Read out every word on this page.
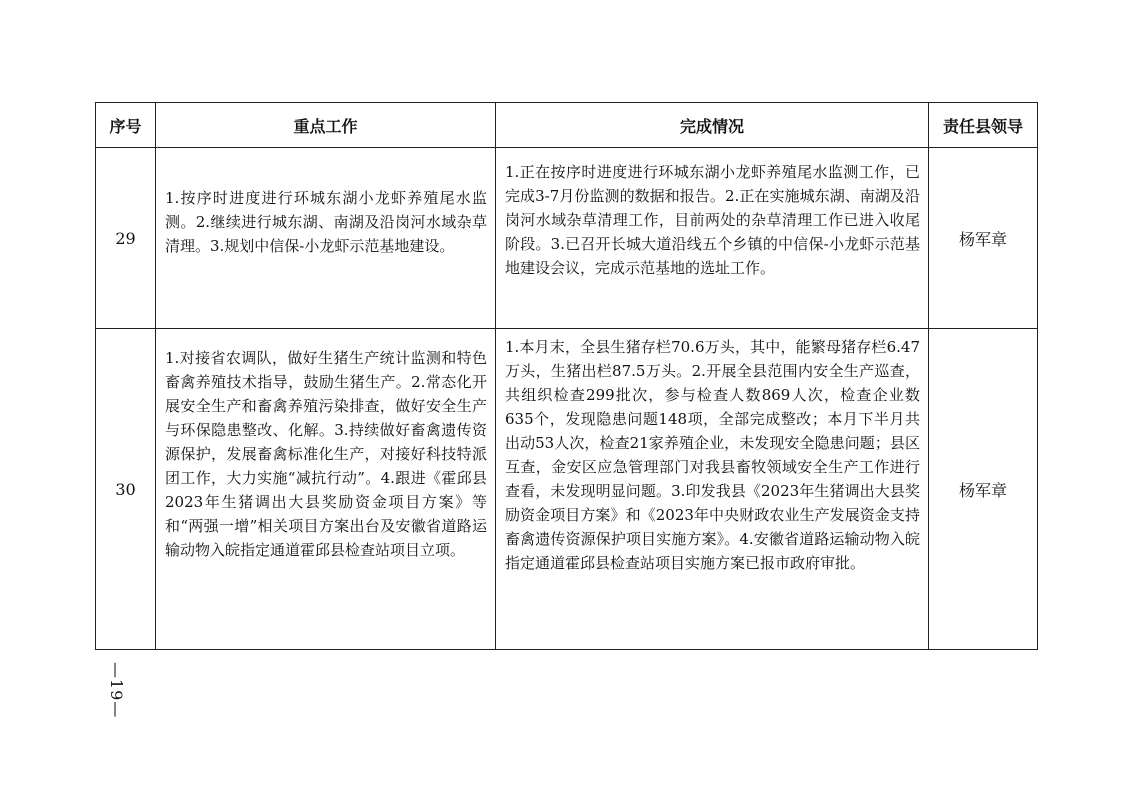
序号	重点工作	完成情况	责任县领导
29	1.按序时进度进行环城东湖小龙虾养殖尾水监测。2.继续进行城东湖、南湖及沿岗河水域杂草清理。3.规划中信保-小龙虾示范基地建设。	1.正在按序时进度进行环城东湖小龙虾养殖尾水监测工作，已完成3-7月份监测的数据和报告。2.正在实施城东湖、南湖及沿岗河水域杂草清理工作，目前两处的杂草清理工作已进入收尾阶段。3.已召开长城大道沿线五个乡镇的中信保-小龙虾示范基地建设会议，完成示范基地的选址工作。	杨军章
30	1.对接省农调队，做好生猪生产统计监测和特色畜禽养殖技术指导，鼓励生猪生产。2.常态化开展安全生产和畜禽养殖污染排查，做好安全生产与环保隐患整改、化解。3.持续做好畜禽遗传资源保护，发展畜禽标准化生产，对接好科技特派团工作，大力实施“减抗行动”。4.跟进《霍邱县2023年生猪调出大县奖励资金项目方案》等和“两强一增”相关项目方案出台及安徽省道路运输动物入皖指定通道霍邱县检查站项目立项。	1.本月末，全县生猪存栏70.6万头，其中，能繁母猪存栏6.47万头，生猪出栏87.5万头。2.开展全县范围内安全生产巡查，共组织检查299批次，参与检查人数869人次，检查企业数635个，发现隐患问题148项，全部完成整改；本月下半月共出动53人次，检查21家养殖企业，未发现安全隐患问题；县区互查，金安区应急管理部门对我县畜牧领域安全生产工作进行查看，未发现明显问题。3.印发我县《2023年生猪调出大县奖励资金项目方案》和《2023年中央财政农业生产发展资金支持畜禽遗传资源保护项目实施方案》。4.安徽省道路运输动物入皖指定通道霍邱县检查站项目实施方案已报市政府审批。	杨军章
—19—
